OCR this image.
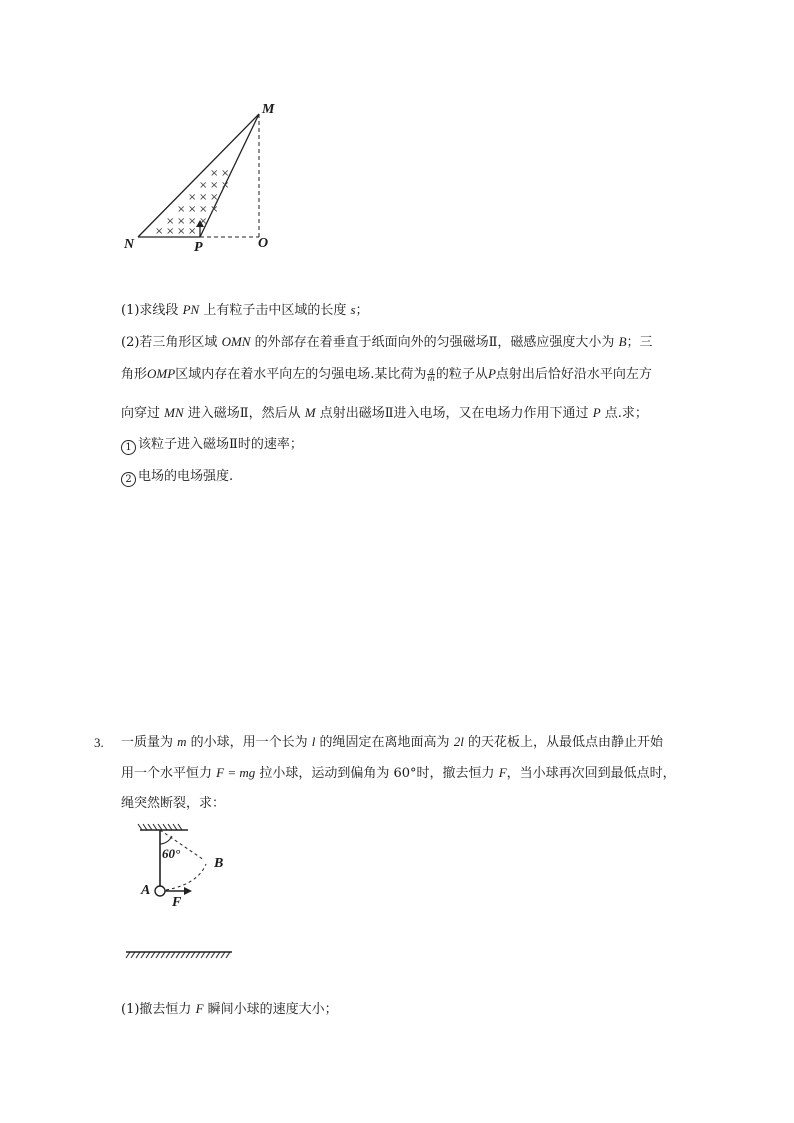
× ×
× × ×
× × ×
× × × ×
× × × ×
× × × ×
M
N	P	O
(1)求线段 PN 上有粒子击中区域的长度 s；
(2)若三角形区域 OMN 的外部存在着垂直于纸面向外的匀强磁场Ⅱ，磁感应强度大小为 B；三
角形OMP区域内存在着水平向左的匀强电场.某比荷为 $\frac{q}{m}$ 的粒子从P点射出后恰好沿水平向左方
向穿过 MN 进入磁场Ⅱ，然后从 M 点射出磁场Ⅱ进入电场，又在电场力作用下通过 P 点.求；
1 该粒子进入磁场Ⅱ时的速率；
2 电场的电场强度.
3. 一质量为 m 的小球，用一个长为 l 的绳固定在离地面高为 2l 的天花板上，从最低点由静止开始
用一个水平恒力 F = mg 拉小球，运动到偏角为 60°时，撤去恒力 F，当小球再次回到最低点时，
绳突然断裂，求：
60°
B
A
F
(1)撤去恒力 F 瞬间小球的速度大小；
